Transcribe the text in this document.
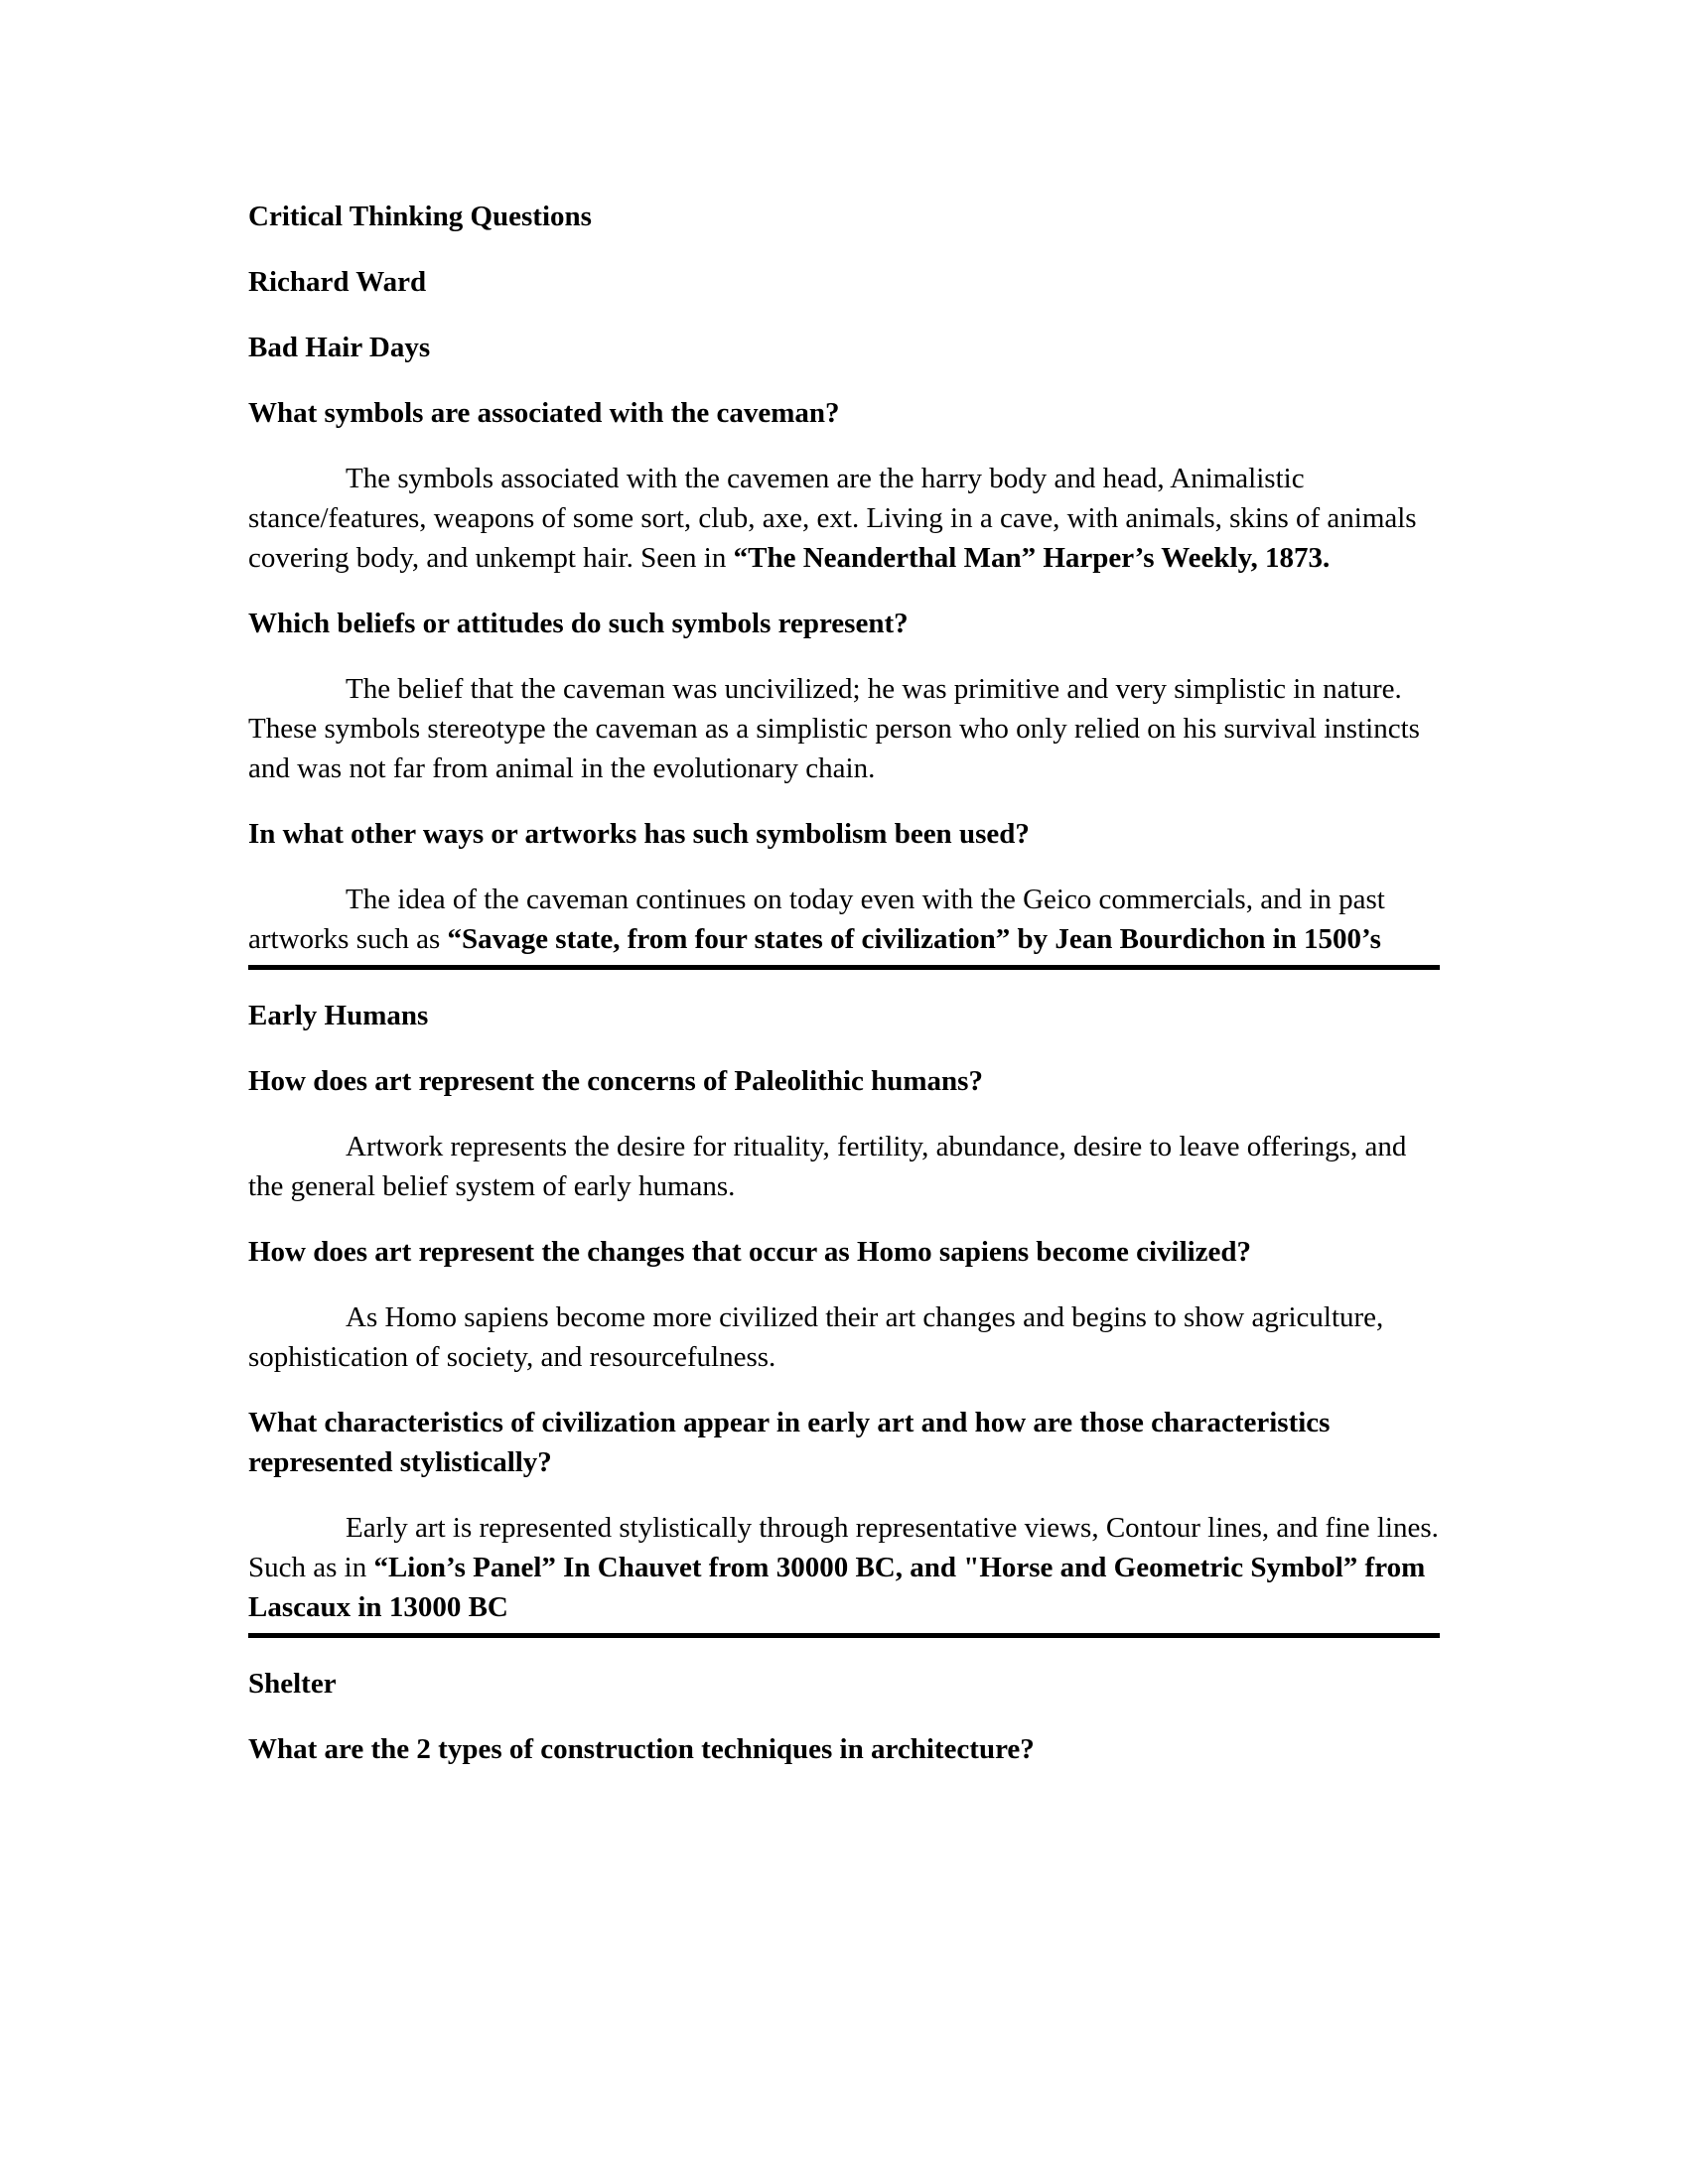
Critical Thinking Questions

Richard Ward

Bad Hair Days

What symbols are associated with the caveman?

The symbols associated with the cavemen are the harry body and head, Animalistic stance/features, weapons of some sort, club, axe, ext. Living in a cave, with animals, skins of animals covering body, and unkempt hair. Seen in “The Neanderthal Man” Harper’s Weekly, 1873.

Which beliefs or attitudes do such symbols represent?

The belief that the caveman was uncivilized; he was primitive and very simplistic in nature. These symbols stereotype the caveman as a simplistic person who only relied on his survival instincts and was not far from animal in the evolutionary chain.

In what other ways or artworks has such symbolism been used?

The idea of the caveman continues on today even with the Geico commercials, and in past artworks such as “Savage state, from four states of civilization” by Jean Bourdichon in 1500’s

Early Humans

How does art represent the concerns of Paleolithic humans?

Artwork represents the desire for rituality, fertility, abundance, desire to leave offerings, and the general belief system of early humans.

How does art represent the changes that occur as Homo sapiens become civilized?

As Homo sapiens become more civilized their art changes and begins to show agriculture, sophistication of society, and resourcefulness.

What characteristics of civilization appear in early art and how are those characteristics represented stylistically?

Early art is represented stylistically through representative views, Contour lines, and fine lines. Such as in “Lion’s Panel” In Chauvet from 30000 BC, and "Horse and Geometric Symbol” from Lascaux in 13000 BC

Shelter

What are the 2 types of construction techniques in architecture?
